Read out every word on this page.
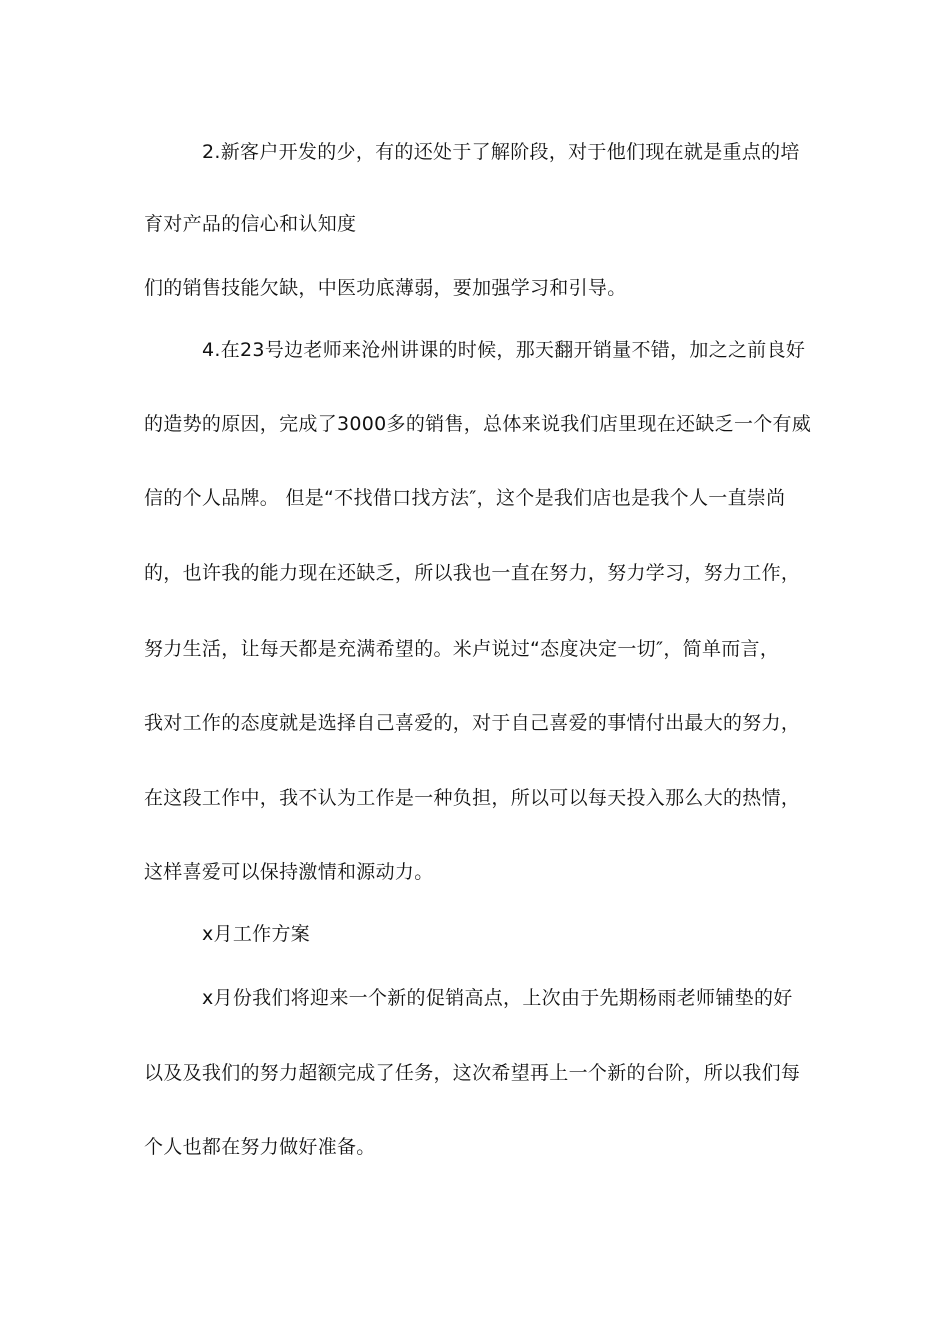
2.新客户开发的少，有的还处于了解阶段，对于他们现在就是重点的培
育对产品的信心和认知度
们的销售技能欠缺，中医功底薄弱，要加强学习和引导。
4.在23号边老师来沧州讲课的时候，那天翻开销量不错，加之之前良好
的造势的原因，完成了3000多的销售，总体来说我们店里现在还缺乏一个有威
信的个人品牌。 但是“不找借口找方法″，这个是我们店也是我个人一直崇尚
的，也许我的能力现在还缺乏，所以我也一直在努力，努力学习，努力工作，
努力生活，让每天都是充满希望的。米卢说过“态度决定一切″，简单而言，
我对工作的态度就是选择自己喜爱的，对于自己喜爱的事情付出最大的努力，
在这段工作中，我不认为工作是一种负担，所以可以每天投入那么大的热情，
这样喜爱可以保持激情和源动力。
x月工作方案
x月份我们将迎来一个新的促销高点，上次由于先期杨雨老师铺垫的好
以及及我们的努力超额完成了任务，这次希望再上一个新的台阶，所以我们每
个人也都在努力做好准备。
